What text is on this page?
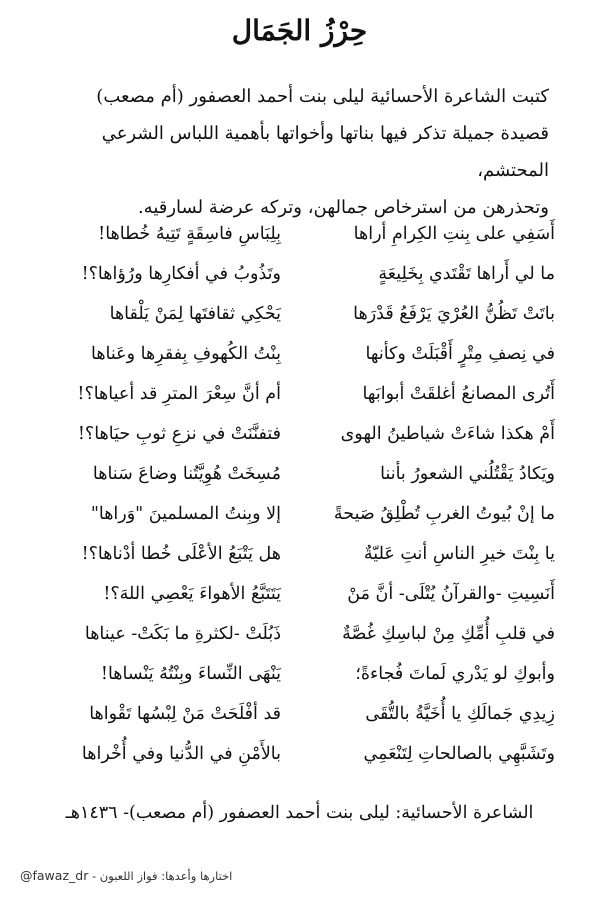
حِرْزُ الجَمَال
كتبت الشاعرة الأحسائية ليلى بنت أحمد العصفور (أم مصعب)
قصيدة جميلة تذكر فيها بناتها وأخواتها بأهمية اللباس الشرعي المحتشم،
وتحذرهن من استرخاص جمالهن، وتركه عرضة لسارقيه.
أَسَفِي على بِنتِ الكِرامِ أراها
بِلِبَاسِ فاسِقَةٍ تَتِيهُ خُطاها!
ما لي أَراها تَقْتَدي بِخَلِيعَةٍ
وتَذُوبُ في أفكارِها ورُؤاها؟!
باتَتْ تَظُنُّ العُرْيَ يَرْفَعُ قَدْرَها
يَحْكِي ثقافتَها لِمَنْ يَلْقاها
في نِصفِ مِتْرٍ أَقْبَلَتْ وكأنها
بِنْتُ الكُهوفِ بِفقرِها وعَناها
أَتُرى المصانعُ أغلقَتْ أبوابَها
أم أنَّ سِعْرَ المترِ قد أعياها؟!
أَمْ هكذا شاءَتْ شياطينُ الهوى
فتفنَّنَتْ في نزعِ ثوبِ حيَاها؟!
ويَكادُ يَقْتُلُني الشعورُ بأننا
مُسِخَتْ هُوِيَّتُنا وضاعَ سَناها
ما إنْ بُيوتُ الغربِ تُطْلِقُ صَيحةً
إلا وبِنتُ المسلمينَ "وَراها"
يا بِنْتَ خيرِ الناسِ أنتِ عَليّةٌ
هل يَتْبَعُ الأعْلَى خُطا أدْناها؟!
أَنَسِيتِ -والقرآنُ يُتْلَى- أنَّ مَنْ
يَتَتَبَّعُ الأهواءَ يَعْصِي اللهَ؟!
في قلبِ أُمِّكِ مِنْ لباسِكِ غُصَّةٌ
ذَبُلَتْ -لكثرةِ ما بَكَتْ- عيناها
وأبوكِ لو يَدْري لَماتَ فُجاءةً؛
يَنْهَى النِّساءَ وبِنْتُهُ يَنْساها!
زِيدِي جَمالَكِ يا أُخَيَّةُ بالتُّقَى
قد أفْلَحَتْ مَنْ لِبْسُها تَقْواها
وتَشَبَّهِي بالصالحاتِ لِتَنْعَمِي
بالأَمْنِ في الدُّنيا وفي أُخْراها
الشاعرة الأحسائية: ليلى بنت أحمد العصفور (أم مصعب)- ١٤٣٦هـ
اختارها وأعدها: فواز اللعبون - @fawaz_dr
